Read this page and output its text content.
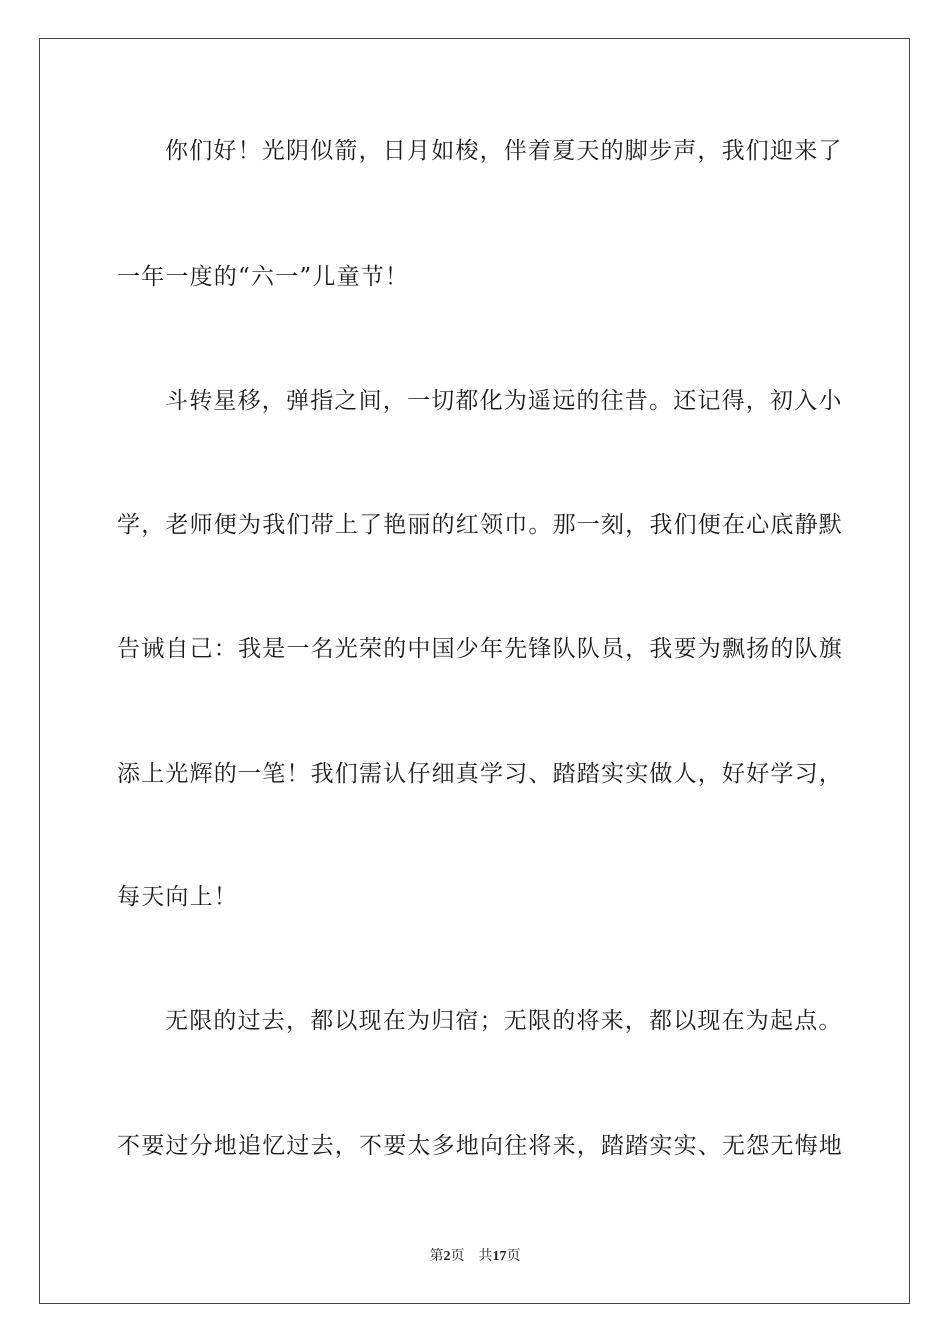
你们好！光阴似箭，日月如梭，伴着夏天的脚步声，我们迎来了
一年一度的“六一”儿童节！
斗转星移，弹指之间，一切都化为遥远的往昔。还记得，初入小
学，老师便为我们带上了艳丽的红领巾。那一刻，我们便在心底静默
告诫自己：我是一名光荣的中国少年先锋队队员，我要为飘扬的队旗
添上光辉的一笔！我们需认仔细真学习、踏踏实实做人，好好学习，
每天向上！
无限的过去，都以现在为归宿；无限的将来，都以现在为起点。
不要过分地追忆过去，不要太多地向往将来，踏踏实实、无怨无悔地
第2页 共17页
